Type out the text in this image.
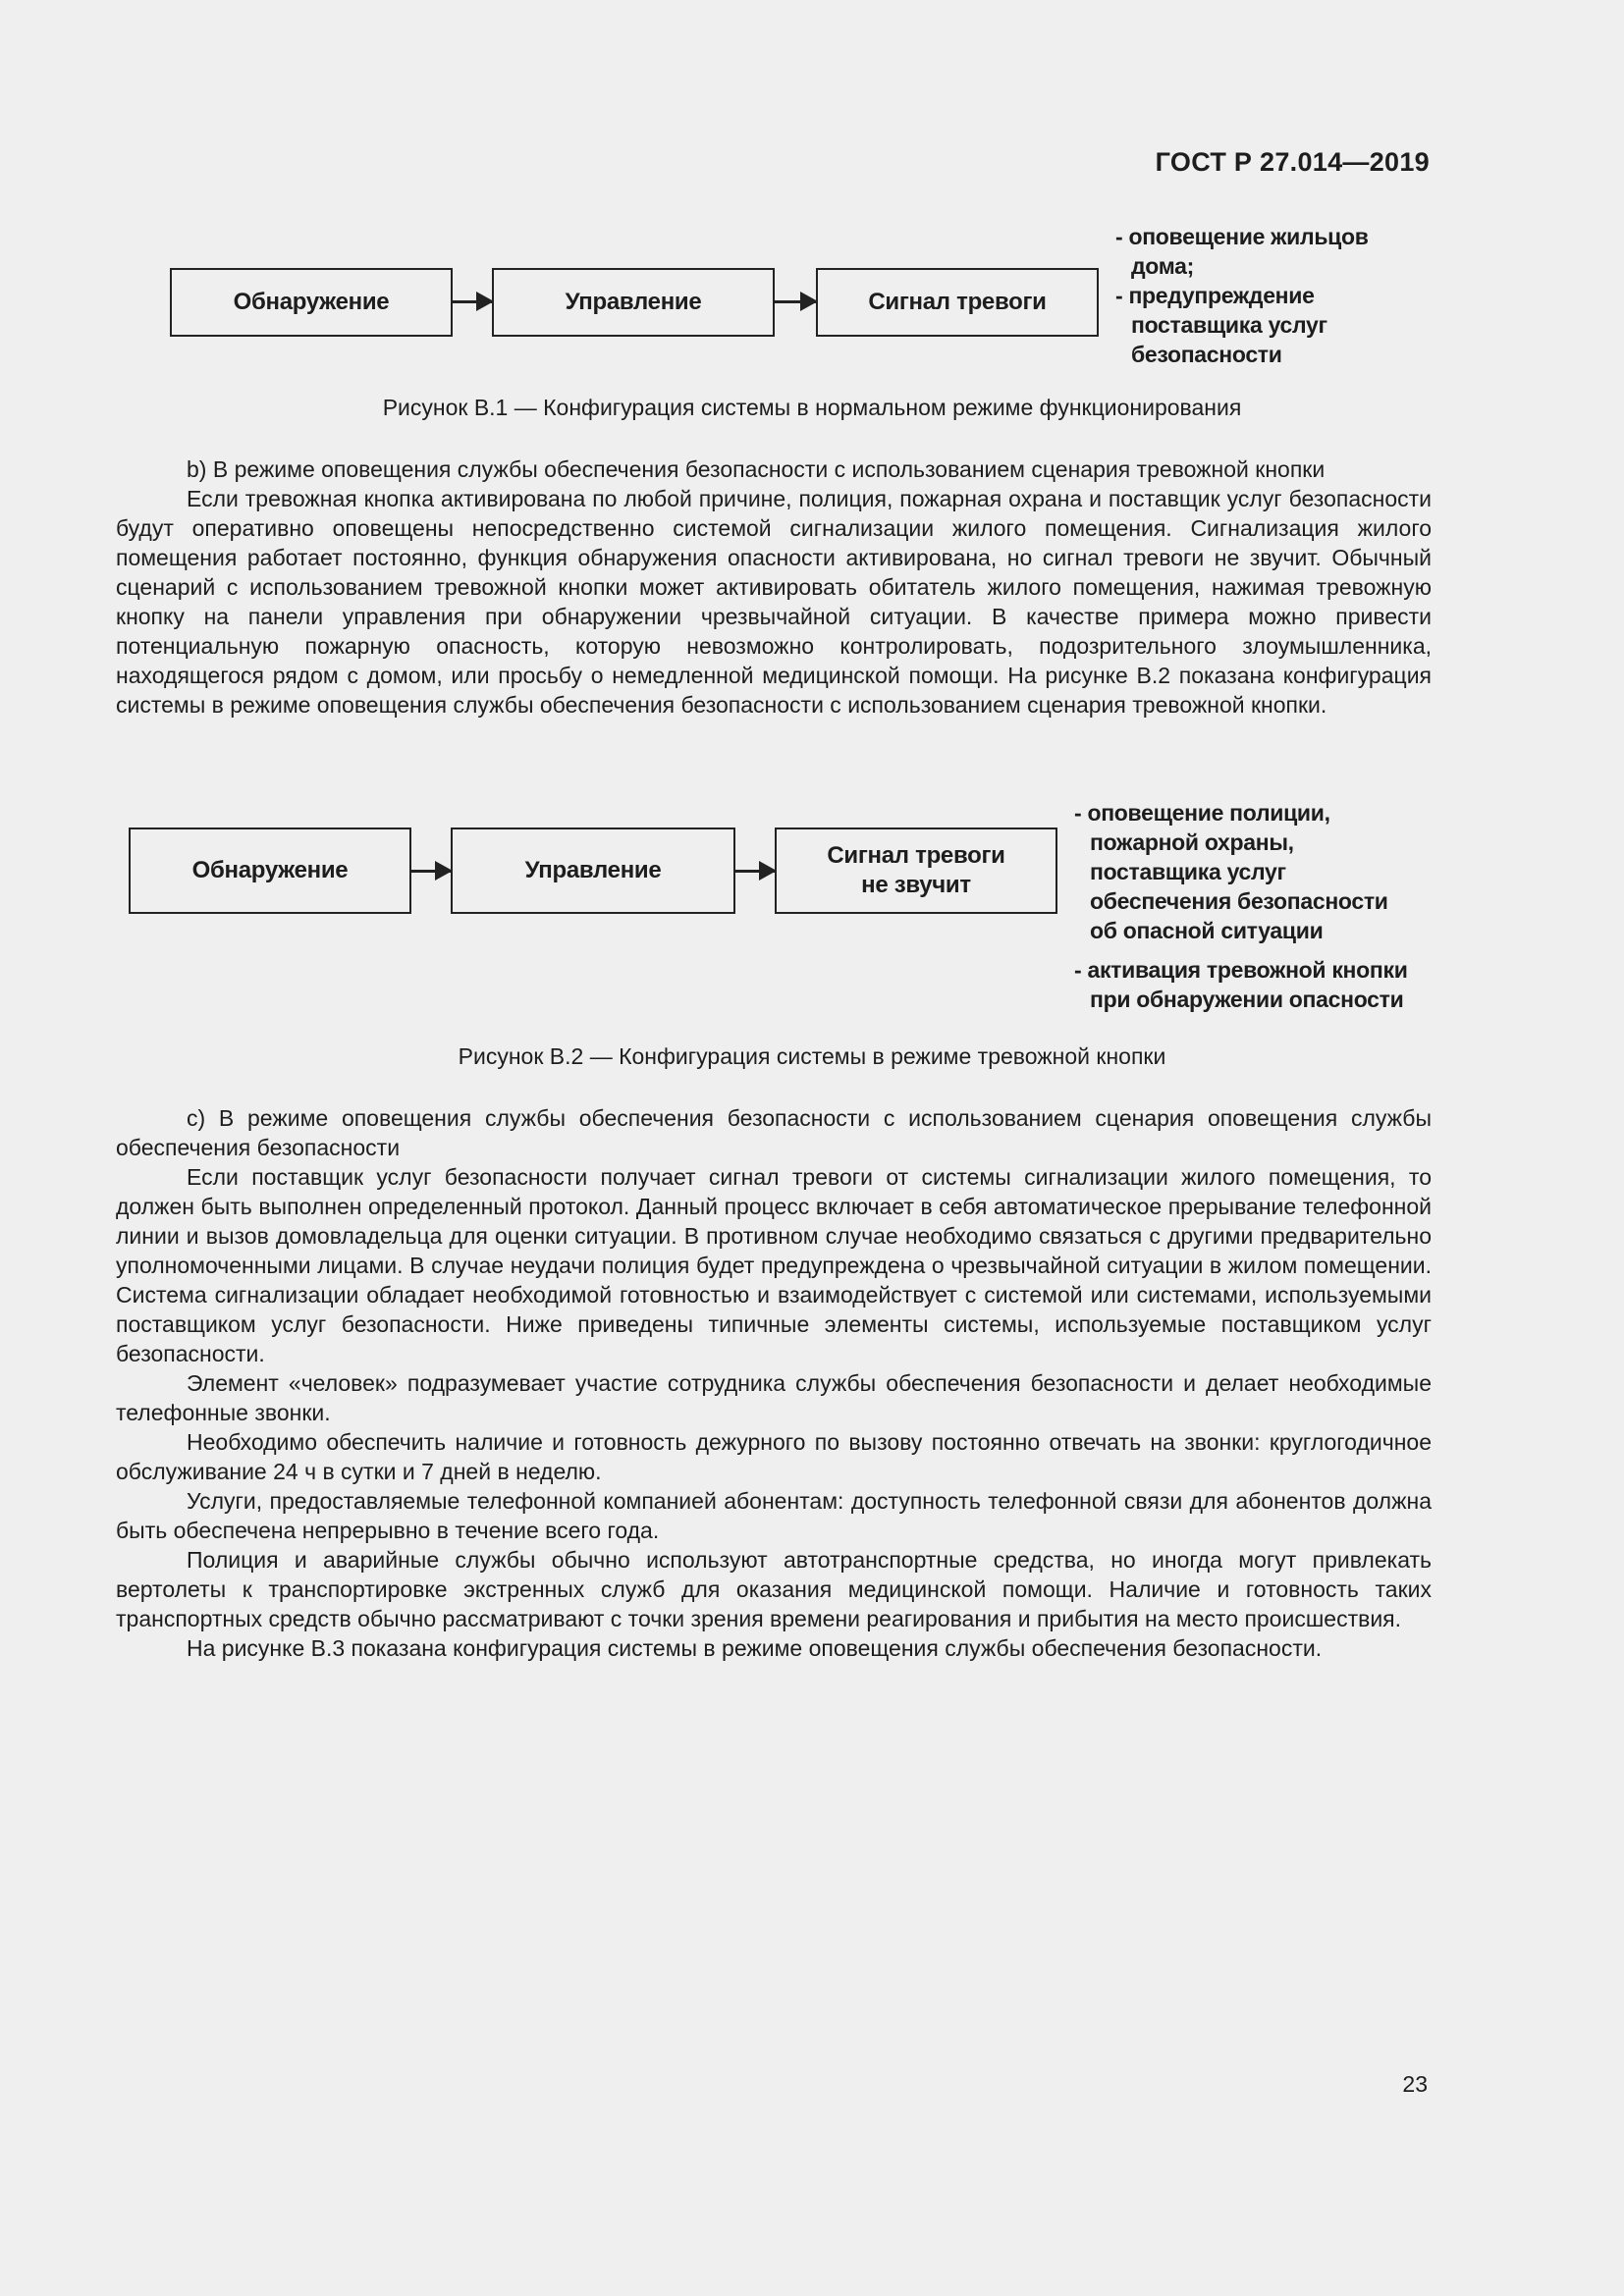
ГОСТ Р 27.014—2019
Обнаружение	Управление	Сигнал тревоги
- оповещение жильцов
дома;
- предупреждение
поставщика услуг
безопасности
Рисунок В.1 — Конфигурация системы в нормальном режиме функционирования

b) В режиме оповещения службы обеспечения безопасности с использованием сценария тревожной кнопки

Если тревожная кнопка активирована по любой причине, полиция, пожарная охрана и поставщик услуг безопасности будут оперативно оповещены непосредственно системой сигнализации жилого помещения. Сигнализация жилого помещения работает постоянно, функция обнаружения опасности активирована, но сигнал тревоги не звучит. Обычный сценарий с использованием тревожной кнопки может активировать обитатель жилого помещения, нажимая тревожную кнопку на панели управления при обнаружении чрезвычайной ситуации. В качестве примера можно привести потенциальную пожарную опасность, которую невозможно контролировать, подозрительного злоумышленника, находящегося рядом с домом, или просьбу о немедленной медицинской помощи. На рисунке В.2 показана конфигурация системы в режиме оповещения службы обеспечения безопасности с использованием сценария тревожной кнопки.

Обнаружение	Управление
Сигнал тревоги
не звучит
- оповещение полиции,
пожарной охраны,
поставщика услуг
обеспечения безопасности
об опасной ситуации
- активация тревожной кнопки
при обнаружении опасности
Рисунок В.2 — Конфигурация системы в режиме тревожной кнопки

с) В режиме оповещения службы обеспечения безопасности с использованием сценария оповещения службы обеспечения безопасности

Если поставщик услуг безопасности получает сигнал тревоги от системы сигнализации жилого помещения, то должен быть выполнен определенный протокол. Данный процесс включает в себя автоматическое прерывание телефонной линии и вызов домовладельца для оценки ситуации. В противном случае необходимо связаться с другими предварительно уполномоченными лицами. В случае неудачи полиция будет предупреждена о чрезвычайной ситуации в жилом помещении. Система сигнализации обладает необходимой готовностью и взаимодействует с системой или системами, используемыми поставщиком услуг безопасности. Ниже приведены типичные элементы системы, используемые поставщиком услуг безопасности.

Элемент «человек» подразумевает участие сотрудника службы обеспечения безопасности и делает необходимые телефонные звонки.

Необходимо обеспечить наличие и готовность дежурного по вызову постоянно отвечать на звонки: круглогодичное обслуживание 24 ч в сутки и 7 дней в неделю.

Услуги, предоставляемые телефонной компанией абонентам: доступность телефонной связи для абонентов должна быть обеспечена непрерывно в течение всего года.

Полиция и аварийные службы обычно используют автотранспортные средства, но иногда могут привлекать вертолеты к транспортировке экстренных служб для оказания медицинской помощи. Наличие и готовность таких транспортных средств обычно рассматривают с точки зрения времени реагирования и прибытия на место происшествия.

На рисунке В.3 показана конфигурация системы в режиме оповещения службы обеспечения безопасности.

23
